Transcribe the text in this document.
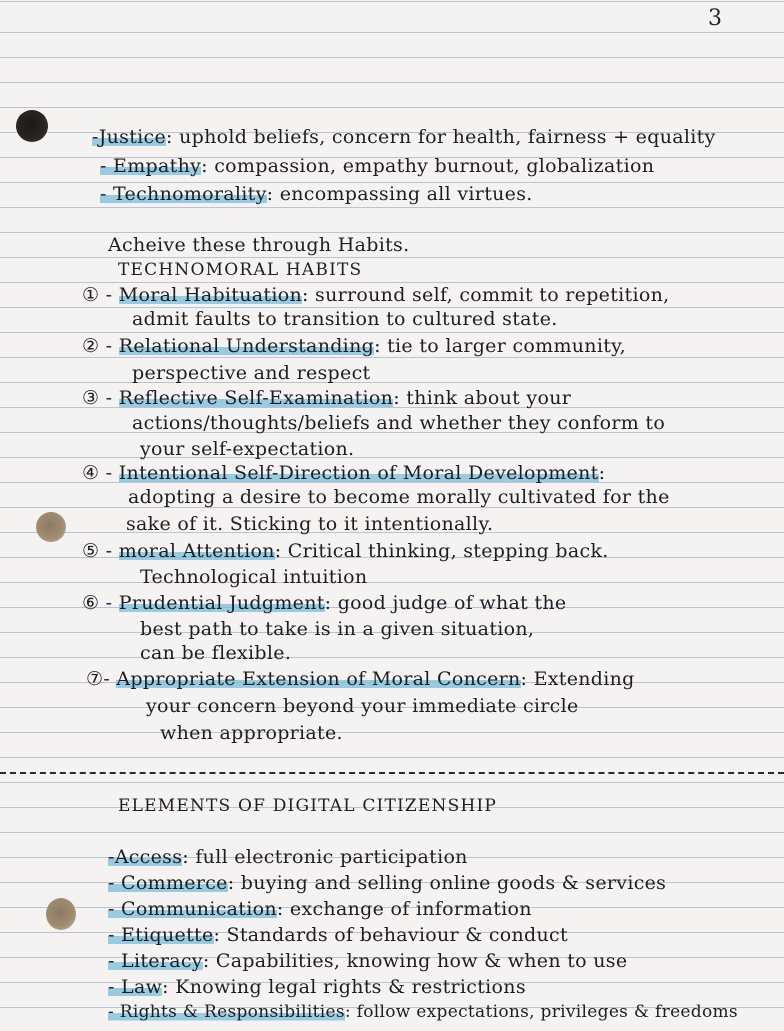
3
-Justice: uphold beliefs, concern for health, fairness + equality
- Empathy: compassion, empathy burnout, globalization
- Technomorality: encompassing all virtues.
Acheive these through Habits.
TECHNOMORAL HABITS
① - Moral Habituation: surround self, commit to repetition,
admit faults to transition to cultured state.
② - Relational Understanding: tie to larger community,
perspective and respect
③ - Reflective Self-Examination: think about your
actions/thoughts/beliefs and whether they conform to
your self-expectation.
④ - Intentional Self-Direction of Moral Development:
adopting a desire to become morally cultivated for the
sake of it. Sticking to it intentionally.
⑤ - moral Attention: Critical thinking, stepping back.
Technological intuition
⑥ - Prudential Judgment: good judge of what the
best path to take is in a given situation,
can be flexible.
⑦- Appropriate Extension of Moral Concern: Extending
your concern beyond your immediate circle
when appropriate.
ELEMENTS OF DIGITAL CITIZENSHIP
-Access: full electronic participation
- Commerce: buying and selling online goods & services
- Communication: exchange of information
- Etiquette: Standards of behaviour & conduct
- Literacy: Capabilities, knowing how & when to use
- Law: Knowing legal rights & restrictions
- Rights & Responsibilities: follow expectations, privileges & freedoms
